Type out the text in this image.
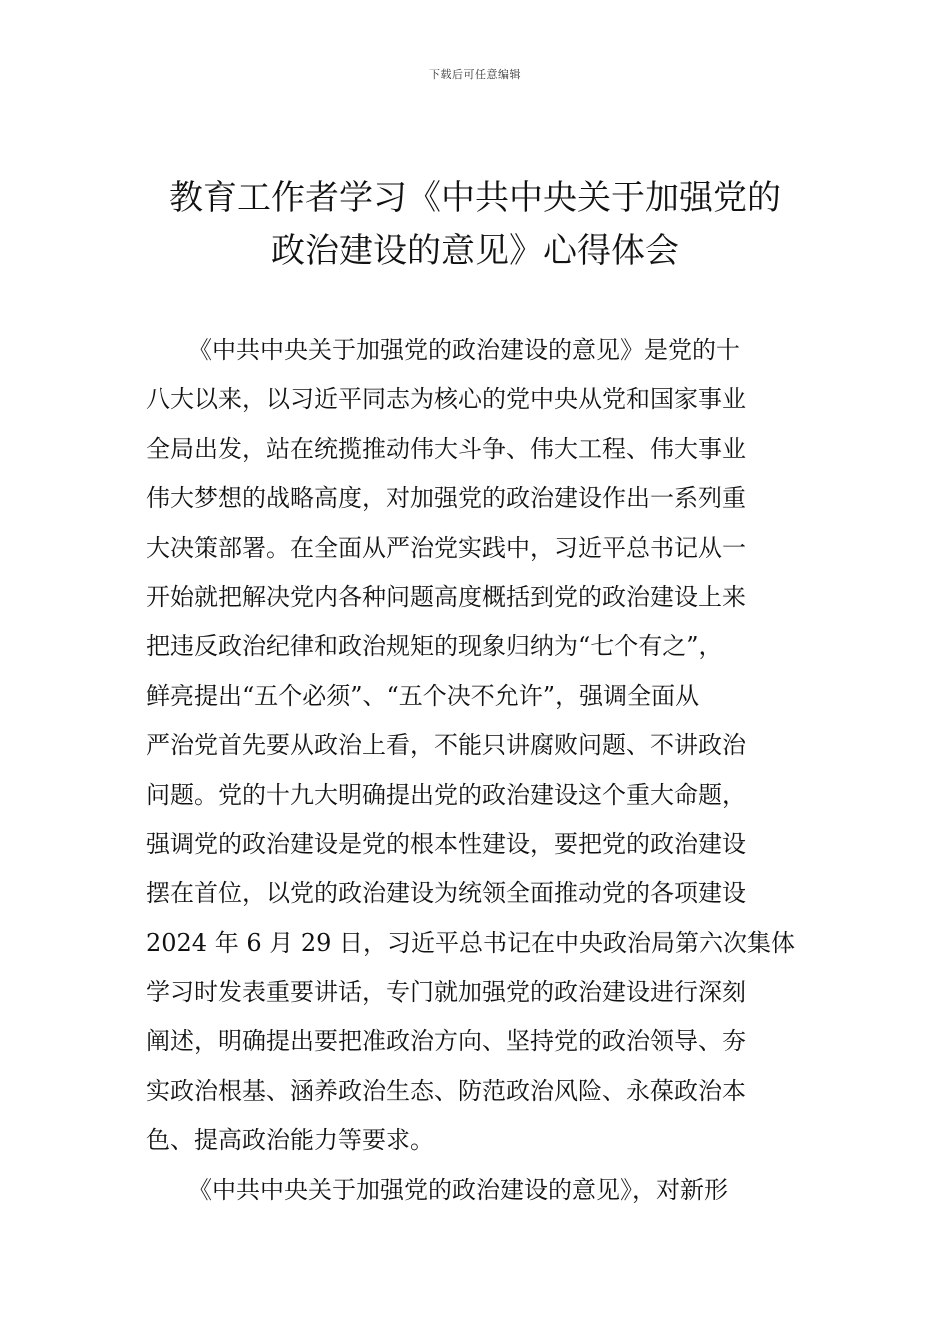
下载后可任意编辑
教育工作者学习《中共中央关于加强党的
政治建设的意见》心得体会
《中共中央关于加强党的政治建设的意见》是党的十
八大以来，以习近平同志为核心的党中央从党和国家事业
全局出发，站在统揽推动伟大斗争、伟大工程、伟大事业
伟大梦想的战略高度，对加强党的政治建设作出一系列重
大决策部署。在全面从严治党实践中，习近平总书记从一
开始就把解决党内各种问题高度概括到党的政治建设上来
把违反政治纪律和政治规矩的现象归纳为“七个有之”，
鲜亮提出“五个必须”、“五个决不允许”，强调全面从
严治党首先要从政治上看，不能只讲腐败问题、不讲政治
问题。党的十九大明确提出党的政治建设这个重大命题，
强调党的政治建设是党的根本性建设，要把党的政治建设
摆在首位，以党的政治建设为统领全面推动党的各项建设
2024 年 6 月 29 日，习近平总书记在中央政治局第六次集体
学习时发表重要讲话，专门就加强党的政治建设进行深刻
阐述，明确提出要把准政治方向、坚持党的政治领导、夯
实政治根基、涵养政治生态、防范政治风险、永葆政治本
色、提高政治能力等要求。
《中共中央关于加强党的政治建设的意见》，对新形
